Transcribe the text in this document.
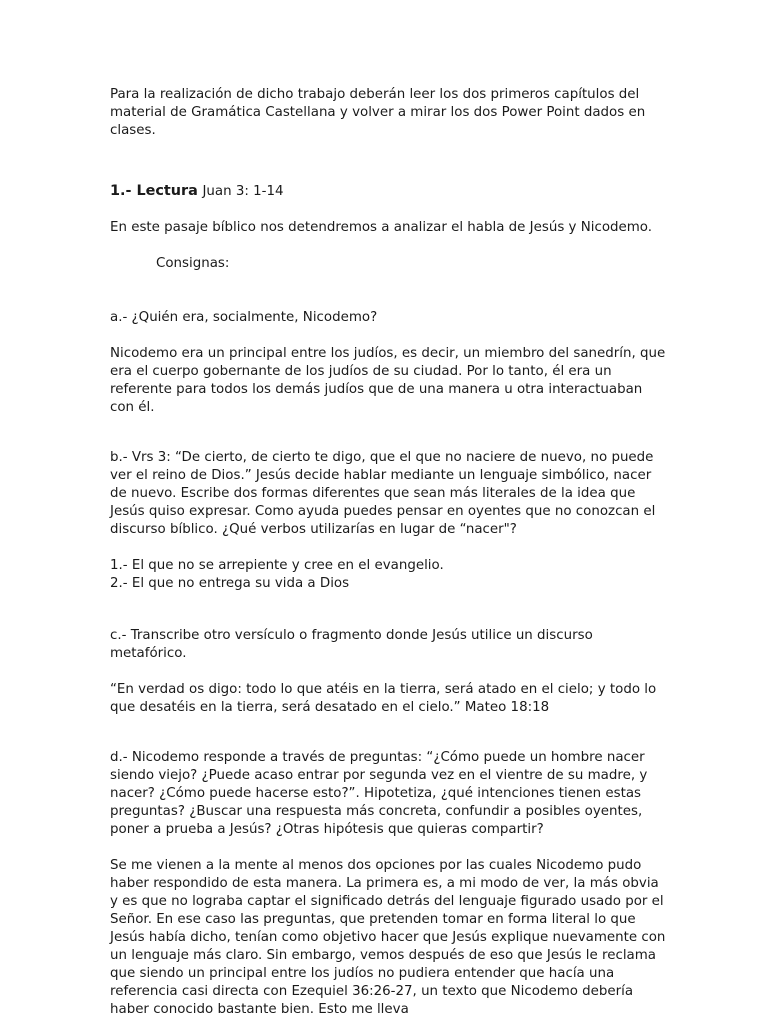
Para la realización de dicho trabajo deberán leer los dos primeros capítulos del material de Gramática Castellana y volver a mirar los dos Power Point dados en clases.

1.- Lectura Juan 3: 1-14

En este pasaje bíblico nos detendremos a analizar el habla de Jesús y Nicodemo.

Consignas:

a.- ¿Quién era, socialmente, Nicodemo?

Nicodemo era un principal entre los judíos, es decir, un miembro del sanedrín, que era el cuerpo gobernante de los judíos de su ciudad. Por lo tanto, él era un referente para todos los demás judíos que de una manera u otra interactuaban con él.

b.- Vrs 3: “De cierto, de cierto te digo, que el que no naciere de nuevo, no puede ver el reino de Dios.” Jesús decide hablar mediante un lenguaje simbólico, nacer de nuevo. Escribe dos formas diferentes que sean más literales de la idea que Jesús quiso expresar. Como ayuda puedes pensar en oyentes que no conozcan el discurso bíblico. ¿Qué verbos utilizarías en lugar de “nacer"?

1.- El que no se arrepiente y cree en el evangelio.

2.- El que no entrega su vida a Dios

c.- Transcribe otro versículo o fragmento donde Jesús utilice un discurso metafórico.

“En verdad os digo: todo lo que atéis en la tierra, será atado en el cielo; y todo lo que desatéis en la tierra, será desatado en el cielo.” Mateo 18:18

d.- Nicodemo responde a través de preguntas: “¿Cómo puede un hombre nacer siendo viejo? ¿Puede acaso entrar por segunda vez en el vientre de su madre, y nacer? ¿Cómo puede hacerse esto?”. Hipotetiza, ¿qué intenciones tienen estas preguntas? ¿Buscar una respuesta más concreta, confundir a posibles oyentes, poner a prueba a Jesús? ¿Otras hipótesis que quieras compartir?

Se me vienen a la mente al menos dos opciones por las cuales Nicodemo pudo haber respondido de esta manera. La primera es, a mi modo de ver, la más obvia y es que no lograba captar el significado detrás del lenguaje figurado usado por el Señor. En ese caso las preguntas, que pretenden tomar en forma literal lo que Jesús había dicho, tenían como objetivo hacer que Jesús explique nuevamente con un lenguaje más claro. Sin embargo, vemos después de eso que Jesús le reclama que siendo un principal entre los judíos no pudiera entender que hacía una referencia casi directa con Ezequiel 36:26-27, un texto que Nicodemo debería haber conocido bastante bien. Esto me lleva
